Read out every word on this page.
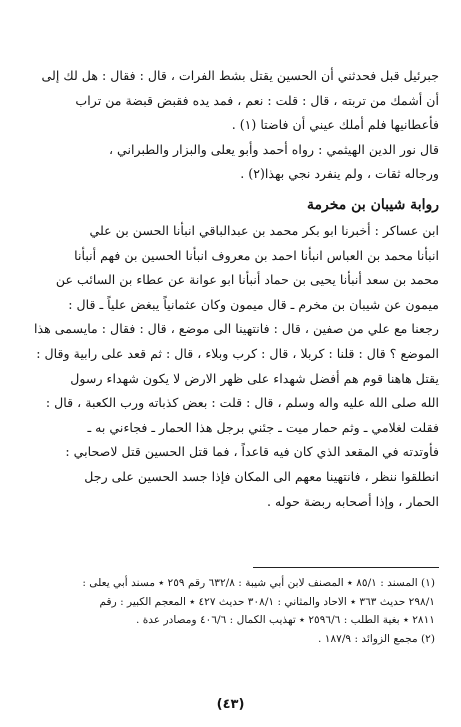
جبرئيل قبل فحدثني أن الحسين يقتل بشط الفرات ، قال : فقال : هل لك إلى
أن أشمك من تربته ، قال : قلت : نعم ، فمد يده فقبض قبضة من تراب
فأعطانيها فلم أملك عيني أن فاضتا (١) .
قال نور الدين الهيثمي : رواه أحمد وأبو يعلى والبزار والطبراني ،
ورجاله ثقات ، ولم ينفرد نجي بهذا(٢) .
روابة شيبان بن مخرمة
ابن عساكر : أخبرنا ابو بكر محمد بن عبدالباقي انبأنا الحسن بن علي
انبأنا محمد بن العباس انبأنا احمد بن معروف انبأنا الحسين بن فهم أنبأنا
محمد بن سعد أنبأنا يحيى بن حماد أنبأنا ابو عوانة عن عطاء بن السائب عن
ميمون عن شيبان بن مخرم ـ قال ميمون وكان عثمانياً يبغض علياً ـ قال :
رجعنا مع علي من صفين ، قال : فانتهينا الى موضع ، قال : فقال : مايسمى هذا
الموضع ؟ قال : قلنا : كربلا ، قال : كرب وبلاء ، قال : ثم قعد على رابية وقال :
يقتل هاهنا قوم هم أفضل شهداء على ظهر الارض لا يكون شهداء رسول
الله صلى الله عليه واله وسلم ، قال : قلت : بعض كذباته ورب الكعبة ، قال :
فقلت لغلامي ـ وثم حمار ميت ـ جئني برجل هذا الحمار ـ فجاءني به ـ
فأوتدته في المقعد الذي كان فيه قاعداً ، فما قتل الحسين قتل لاصحابي :
انطلقوا ننظر ، فانتهينا معهم الى المكان فإذا جسد الحسين على رجل
الحمار ، وإذا أصحابه ربضة حوله .
(١) المسند : ٨٥/١ ٭ المصنف لابن أبي شيبة : ٦٣٢/٨ رقم ٢٥٩ ٭ مسند أبي يعلى :
٢٩٨/١ حديث ٣٦٣ ٭ الاحاد والمثاني : ٣٠٨/١ حديث ٤٢٧ ٭ المعجم الكبير : رقم
٢٨١١ ٭ بغية الطلب : ٢٥٩٦/٦ ٭ تهذيب الكمال : ٤٠٦/٦ ومصادر عدة .
(٢) مجمع الزوائد : ١٨٧/٩ .
(٤٣)
